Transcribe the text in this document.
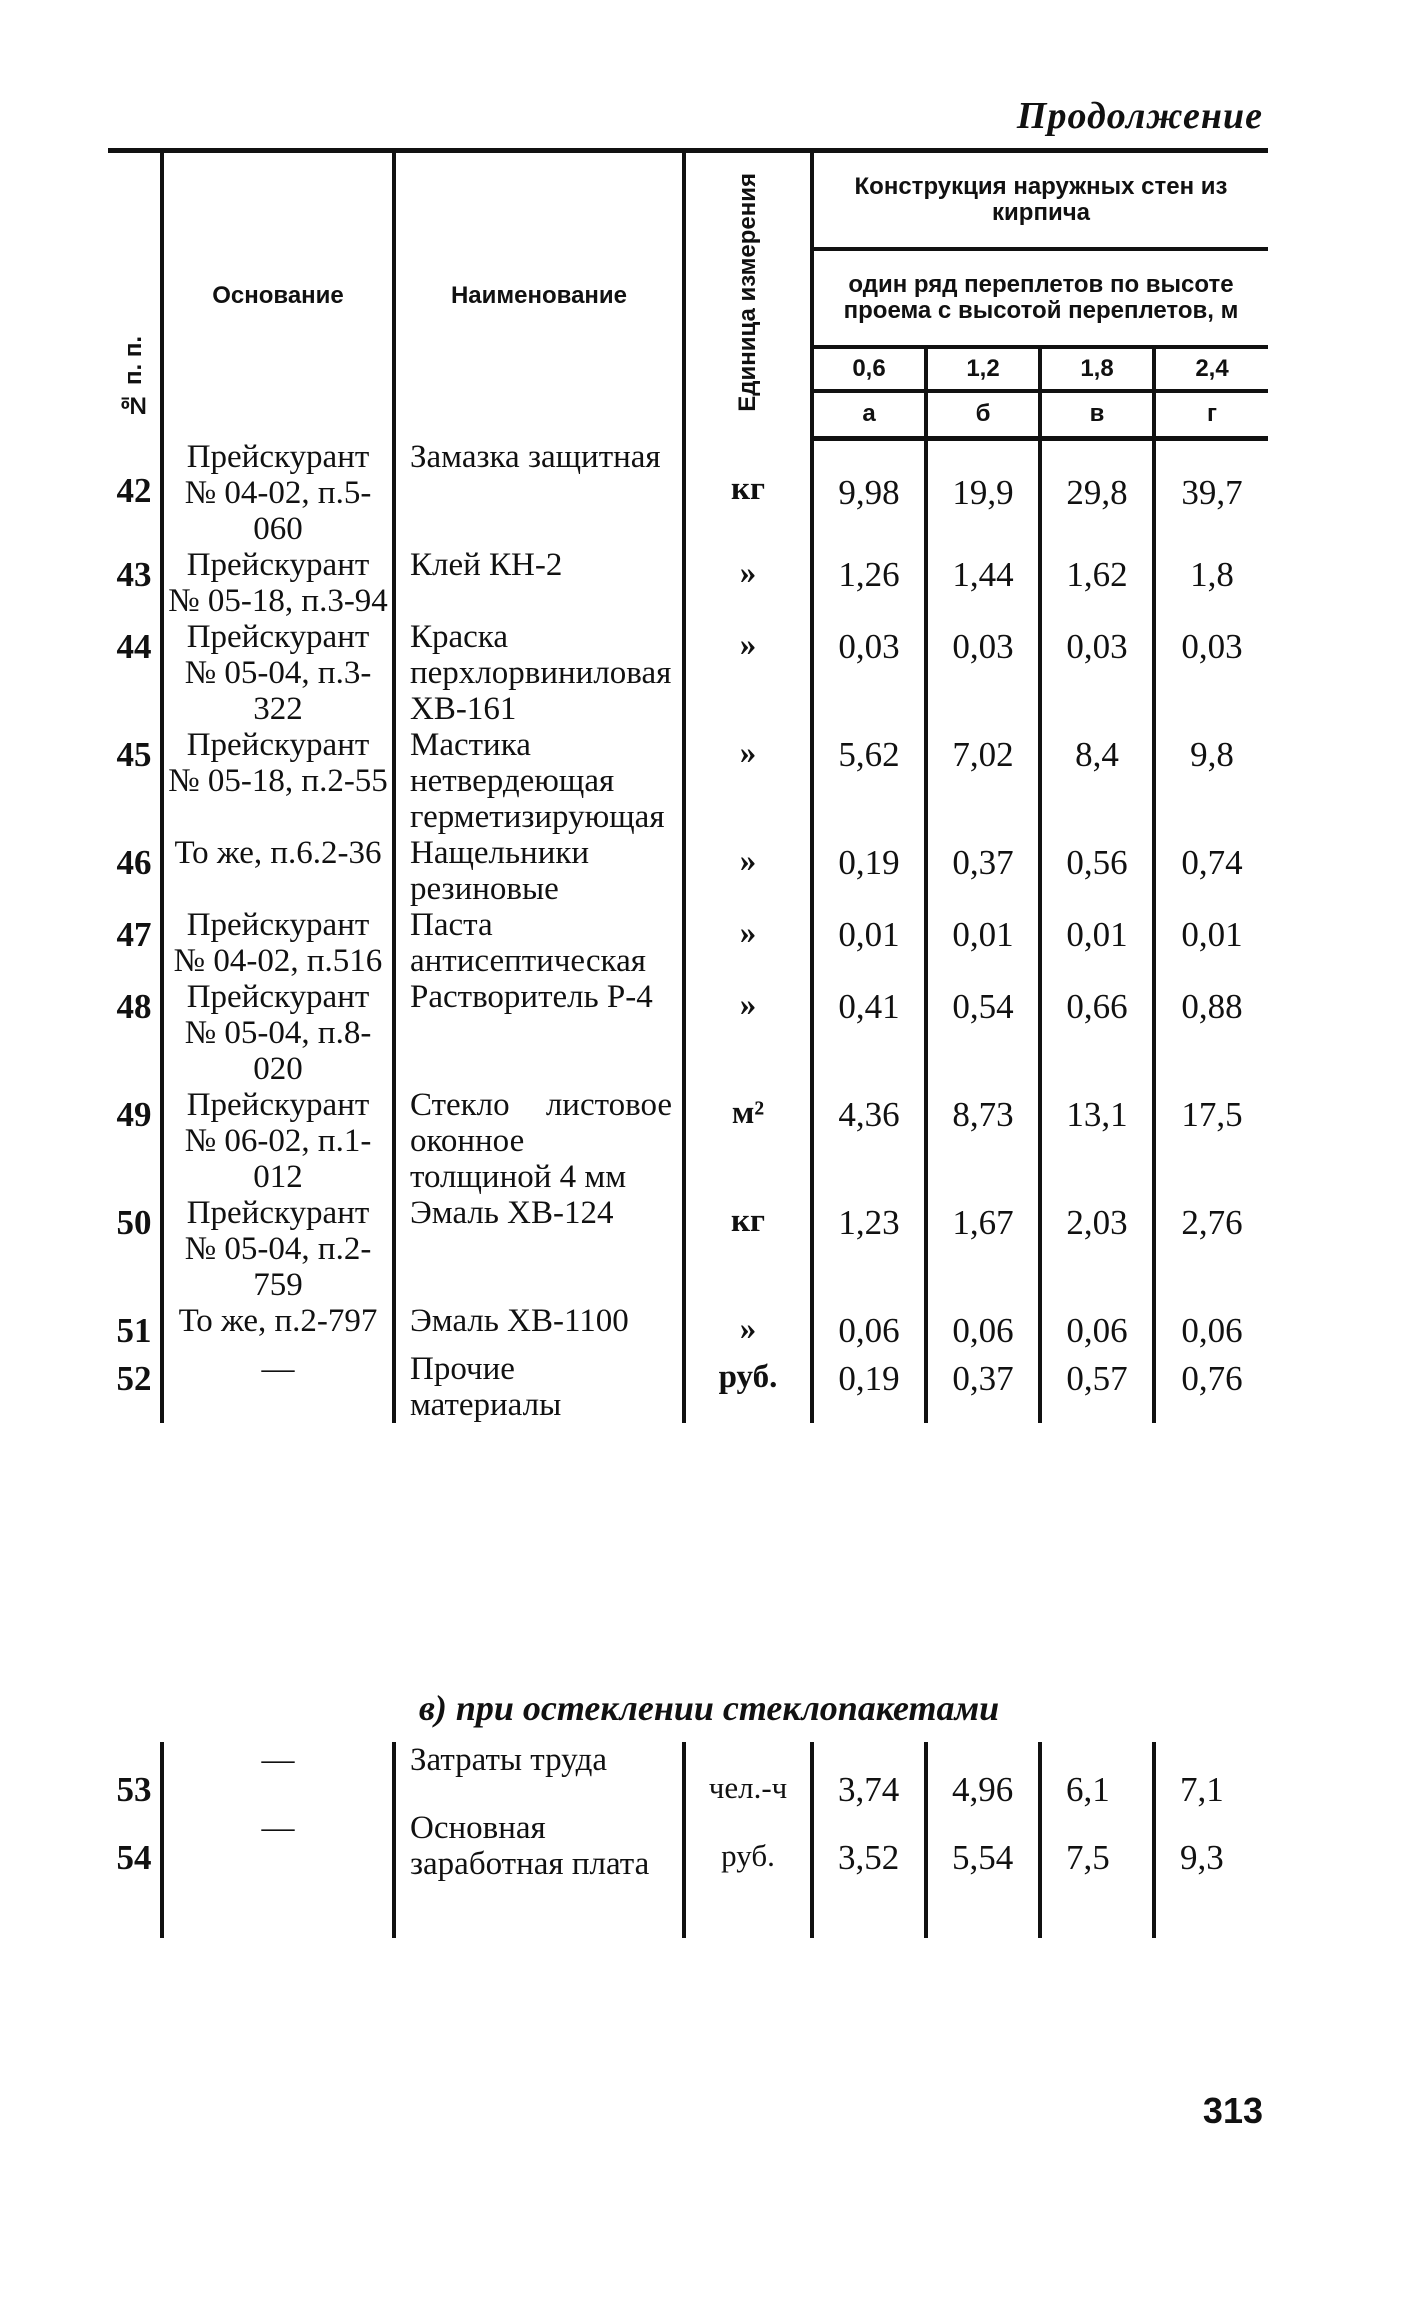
Продолжение
№ п. п.	Основание	Наименование	Единица измерения	Конструкция наружных стен из кирпича			
				один ряд переплетов по высоте проема с высотой переплетов, м			
				0,6	1,2	1,8	2,4
				а	б	в	г
42	Прейскурант № 04-02, п.5-060	Замазка защитная	кг	9,98	19,9	29,8	39,7
43	Прейскурант № 05-18, п.3-94	Клей КН-2	»	1,26	1,44	1,62	1,8
44	Прейскурант № 05-04, п.3-322	Краска перхлорвиниловая ХВ-161	»	0,03	0,03	0,03	0,03
45	Прейскурант № 05-18, п.2-55	Мастика нетвердеющая герметизирующая	»	5,62	7,02	8,4	9,8
46	То же, п.6.2-36	Нащельники резиновые	»	0,19	0,37	0,56	0,74
47	Прейскурант № 04-02, п.516	Паста антисептическая	»	0,01	0,01	0,01	0,01
48	Прейскурант № 05-04, п.8-020	Растворитель Р-4	»	0,41	0,54	0,66	0,88
49	Прейскурант № 06-02, п.1-012	Стекло листовое оконное толщиной 4 мм	м²	4,36	8,73	13,1	17,5
50	Прейскурант № 05-04, п.2-759	Эмаль ХВ-124	кг	1,23	1,67	2,03	2,76
51	То же, п.2-797	Эмаль ХВ-1100	»	0,06	0,06	0,06	0,06
52	—	Прочие материалы	руб.	0,19	0,37	0,57	0,76
в) при остеклении стеклопакетами
53	—	Затраты труда	чел.-ч	3,74	4,96	6,1	7,1
54	—	Основная заработная плата	руб.	3,52	5,54	7,5	9,3
313
